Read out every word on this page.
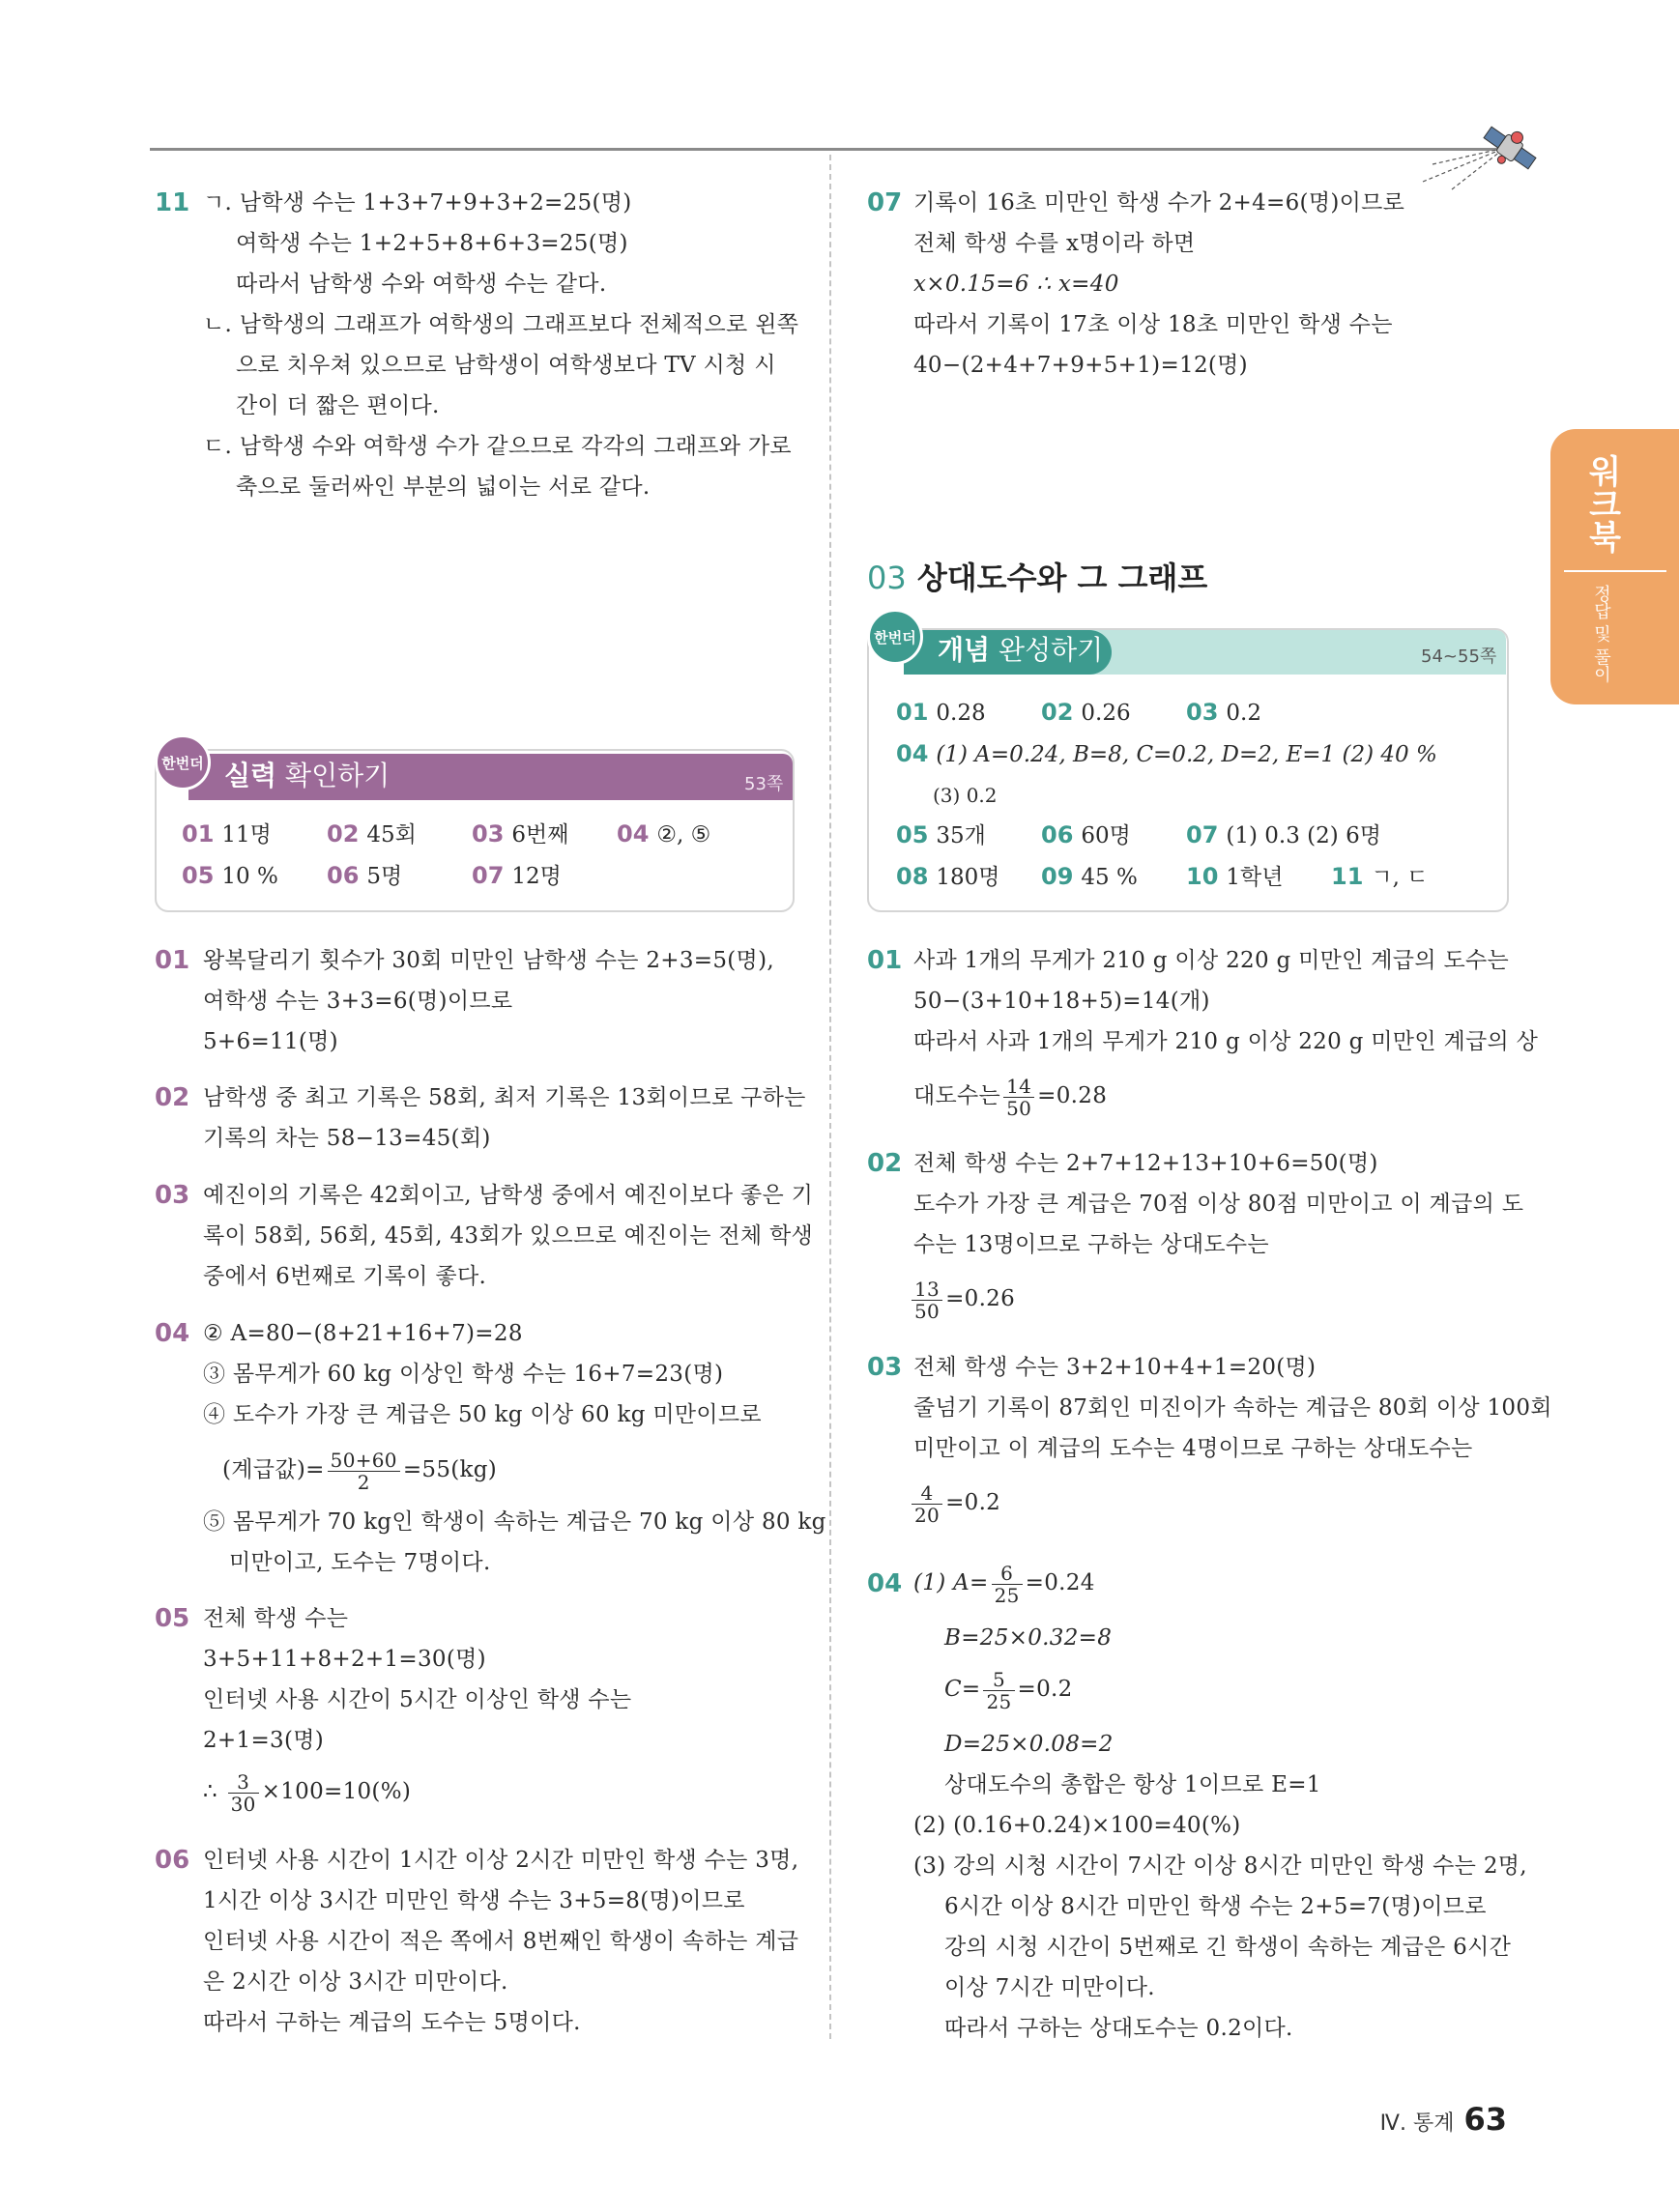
워크북
정답 및 풀이
11 ㄱ. 남학생 수는 1+3+7+9+3+2=25(명)
여학생 수는 1+2+5+8+6+3=25(명)
따라서 남학생 수와 여학생 수는 같다.
ㄴ. 남학생의 그래프가 여학생의 그래프보다 전체적으로 왼쪽
으로 치우쳐 있으므로 남학생이 여학생보다 TV 시청 시
간이 더 짧은 편이다.
ㄷ. 남학생 수와 여학생 수가 같으므로 각각의 그래프와 가로
축으로 둘러싸인 부분의 넓이는 서로 같다.
한번더 실력 확인하기	53쪽
01 11명 02 45회 03 6번째 04 ②, ⑤
05 10 % 06 5명	07 12명
01 왕복달리기 횟수가 30회 미만인 남학생 수는 2+3=5(명),
여학생 수는 3+3=6(명)이므로
5+6=11(명)
02 남학생 중 최고 기록은 58회, 최저 기록은 13회이므로 구하는
기록의 차는 58−13=45(회)
03 예진이의 기록은 42회이고, 남학생 중에서 예진이보다 좋은 기
록이 58회, 56회, 45회, 43회가 있으므로 예진이는 전체 학생
중에서 6번째로 기록이 좋다.
04 ② A=80−(8+21+16+7)=28
③ 몸무게가 60 kg 이상인 학생 수는 16+7=23(명)
④ 도수가 가장 큰 계급은 50 kg 이상 60 kg 미만이므로
(계급값)= $\frac{50+60}{2} =55(kg)$
⑤ 몸무게가 70 kg인 학생이 속하는 계급은 70 kg 이상 80 kg
미만이고, 도수는 7명이다.
05 전체 학생 수는
3+5+11+8+2+1=30(명)
인터넷 사용 시간이 5시간 이상인 학생 수는
2+1=3(명)
∴ $\frac{3}{30} \times 100=10(\%)$
06 인터넷 사용 시간이 1시간 이상 2시간 미만인 학생 수는 3명,
1시간 이상 3시간 미만인 학생 수는 3+5=8(명)이므로
인터넷 사용 시간이 적은 쪽에서 8번째인 학생이 속하는 계급
은 2시간 이상 3시간 미만이다.
따라서 구하는 계급의 도수는 5명이다.
07 기록이 16초 미만인 학생 수가 2+4=6(명)이므로
전체 학생 수를 x명이라 하면
x×0.15=6 ∴ x=40
따라서 기록이 17초 이상 18초 미만인 학생 수는
40−(2+4+7+9+5+1)=12(명)
03 상대도수와 그 그래프
한번더 개념 완성하기	54~55쪽
01 0.28 02 0.26 03 0.2
04 (1) A=0.24, B=8, C=0.2, D=2, E=1 (2) 40 %
(3) 0.2
05 35개 06 60명 07 (1) 0.3 (2) 6명
08 180명 09 45 % 10 1학년 11 ㄱ, ㄷ
01 사과 1개의 무게가 210 g 이상 220 g 미만인 계급의 도수는
50−(3+10+18+5)=14(개)
따라서 사과 1개의 무게가 210 g 이상 220 g 미만인 계급의 상
대도수는 $\frac{14}{50} =0.28$
02 전체 학생 수는 2+7+12+13+10+6=50(명)
도수가 가장 큰 계급은 70점 이상 80점 미만이고 이 계급의 도
수는 13명이므로 구하는 상대도수는
$\frac{13}{50} =0.26$
03 전체 학생 수는 3+2+10+4+1=20(명)
줄넘기 기록이 87회인 미진이가 속하는 계급은 80회 이상 100회
미만이고 이 계급의 도수는 4명이므로 구하는 상대도수는
$\frac{4}{20} =0.2$
04 (1) $A= \frac{6}{25} =0.24$
B=25×0.32=8
$C= \frac{5}{25} =0.2$
D=25×0.08=2
상대도수의 총합은 항상 1이므로 E=1
(2) (0.16+0.24)×100=40(%)
(3) 강의 시청 시간이 7시간 이상 8시간 미만인 학생 수는 2명,
6시간 이상 8시간 미만인 학생 수는 2+5=7(명)이므로
강의 시청 시간이 5번째로 긴 학생이 속하는 계급은 6시간
이상 7시간 미만이다.
따라서 구하는 상대도수는 0.2이다.
Ⅳ. 통계 63
